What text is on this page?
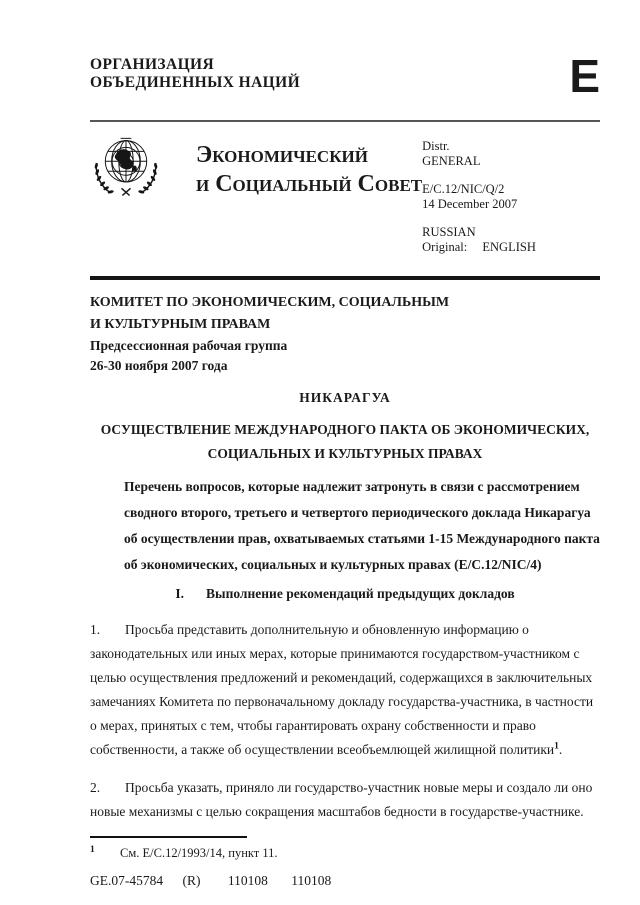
ОРГАНИЗАЦИЯ
ОБЪЕДИНЕННЫХ НАЦИЙ	E
Экономический
и Социальный Совет
Distr.
GENERAL
E/C.12/NIC/Q/2
14 December 2007
RUSSIAN
Original: ENGLISH
КОМИТЕТ ПО ЭКОНОМИЧЕСКИМ, СОЦИАЛЬНЫМ
И КУЛЬТУРНЫМ ПРАВАМ
Предсессионная рабочая группа
26-30 ноября 2007 года
НИКАРАГУА
ОСУЩЕСТВЛЕНИЕ МЕЖДУНАРОДНОГО ПАКТА ОБ ЭКОНОМИЧЕСКИХ, СОЦИАЛЬНЫХ И КУЛЬТУРНЫХ ПРАВАХ
Перечень вопросов, которые надлежит затронуть в связи с рассмотрением сводного второго, третьего и четвертого периодического доклада Никарагуа об осуществлении прав, охватываемых статьями 1-15 Международного пакта об экономических, социальных и культурных правах (E/C.12/NIC/4)
I. Выполнение рекомендаций предыдущих докладов

1. Просьба представить дополнительную и обновленную информацию о законодательных или иных мерах, которые принимаются государством-участником с целью осуществления предложений и рекомендаций, содержащихся в заключительных замечаниях Комитета по первоначальному докладу государства-участника, в частности о мерах, принятых с тем, чтобы гарантировать охрану собственности и право собственности, а также об осуществлении всеобъемлющей жилищной политики$^1$.

2. Просьба указать, приняло ли государство-участник новые меры и создало ли оно новые механизмы с целью сокращения масштабов бедности в государстве-участнике.

1 См. E/C.12/1993/14, пункт 11.
GE.07-45784 (R) 110108 110108
